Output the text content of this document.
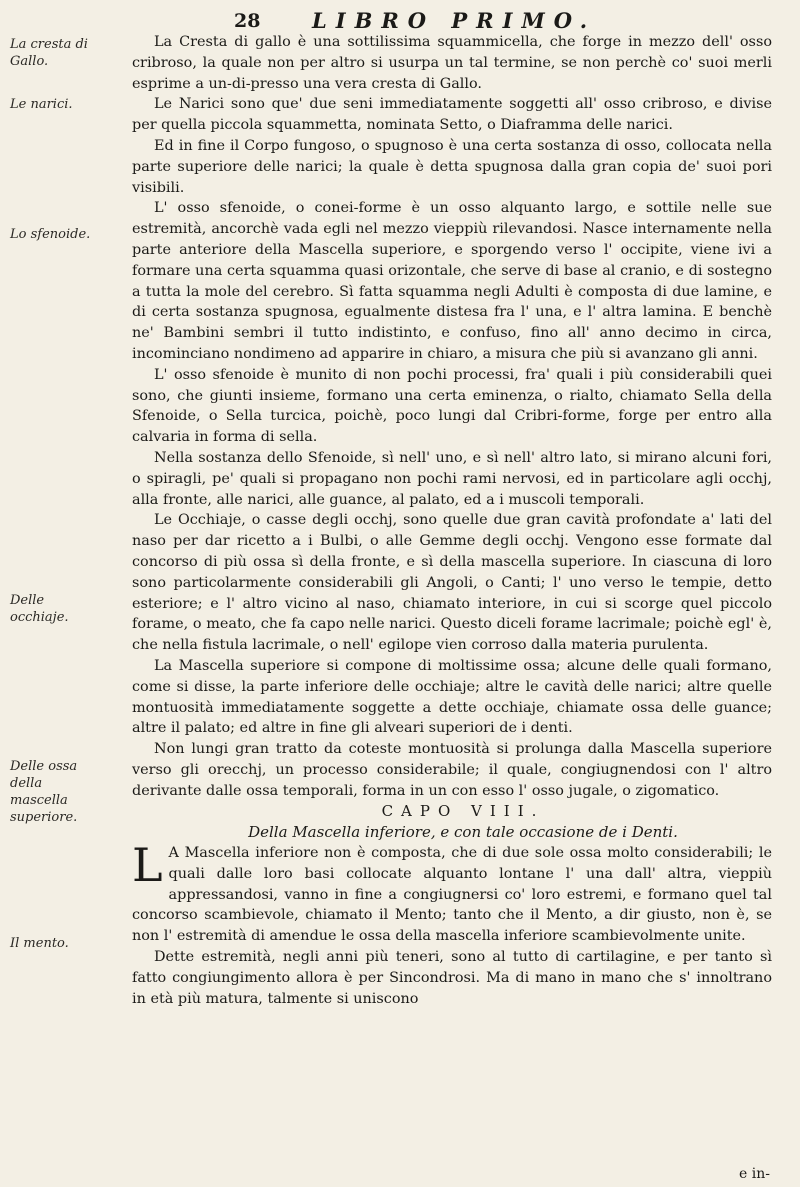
28 LIBRO PRIMO.
La cresta di Gallo.
Le narici.
Lo sfenoide.
Delle occhiaje.
Delle ossa della mascella superiore.
Il mento.

La Cresta di gallo è una sottilissima squammicella, che forge in mezzo dell' osso cribroso, la quale non per altro si usurpa un tal termine, se non perchè co' suoi merli esprime a un-di-presso una vera cresta di Gallo.

Le Narici sono que' due seni immediatamente soggetti all' osso cribroso, e divise per quella piccola squammetta, nominata Setto, o Diaframma delle narici.

Ed in fine il Corpo fungoso, o spugnoso è una certa sostanza di osso, collocata nella parte superiore delle narici; la quale è detta spugnosa dalla gran copia de' suoi pori visibili.

L' osso sfenoide, o conei-forme è un osso alquanto largo, e sottile nelle sue estremità, ancorchè vada egli nel mezzo vieppiù rilevandosi. Nasce internamente nella parte anteriore della Mascella superiore, e sporgendo verso l' occipite, viene ivi a formare una certa squamma quasi orizontale, che serve di base al cranio, e di sostegno a tutta la mole del cerebro. Sì fatta squamma negli Adulti è composta di due lamine, e di certa sostanza spugnosa, egualmente distesa fra l' una, e l' altra lamina. E benchè ne' Bambini sembri il tutto indistinto, e confuso, fino all' anno decimo in circa, incominciano nondimeno ad apparire in chiaro, a misura che più si avanzano gli anni.

L' osso sfenoide è munito di non pochi processi, fra' quali i più considerabili quei sono, che giunti insieme, formano una certa eminenza, o rialto, chiamato Sella della Sfenoide, o Sella turcica, poichè, poco lungi dal Cribri-forme, forge per entro alla calvaria in forma di sella.

Nella sostanza dello Sfenoide, sì nell' uno, e sì nell' altro lato, si mirano alcuni fori, o spiragli, pe' quali si propagano non pochi rami nervosi, ed in particolare agli occhj, alla fronte, alle narici, alle guance, al palato, ed a i muscoli temporali.

Le Occhiaje, o casse degli occhj, sono quelle due gran cavità profondate a' lati del naso per dar ricetto a i Bulbi, o alle Gemme degli occhj. Vengono esse formate dal concorso di più ossa sì della fronte, e sì della mascella superiore. In ciascuna di loro sono particolarmente considerabili gli Angoli, o Canti; l' uno verso le tempie, detto esteriore; e l' altro vicino al naso, chiamato interiore, in cui si scorge quel piccolo forame, o meato, che fa capo nelle narici. Questo diceli forame lacrimale; poichè egl' è, che nella fistula lacrimale, o nell' egilope vien corroso dalla materia purulenta.

La Mascella superiore si compone di moltissime ossa; alcune delle quali formano, come si disse, la parte inferiore delle occhiaje; altre le cavità delle narici; altre quelle montuosità immediatamente soggette a dette occhiaje, chiamate ossa delle guance; altre il palato; ed altre in fine gli alveari superiori de i denti.

Non lungi gran tratto da coteste montuosità si prolunga dalla Mascella superiore verso gli orecchj, un processo considerabile; il quale, congiugnendosi con l' altro derivante dalle ossa temporali, forma in un con esso l' osso jugale, o zigomatico.

CAPO VIII.

Della Mascella inferiore, e con tale occasione de i Denti.

L A Mascella inferiore non è composta, che di due sole ossa molto considerabili; le quali dalle loro basi collocate alquanto lontane l' una dall' altra, vieppiù appressandosi, vanno in fine a congiugnersi co' loro estremi, e formano quel tal concorso scambievole, chiamato il Mento; tanto che il Mento, a dir giusto, non è, se non l' estremità di amendue le ossa della mascella inferiore scambievolmente unite.

Dette estremità, negli anni più teneri, sono al tutto di cartilagine, e per tanto sì fatto congiungimento allora è per Sincondrosi. Ma di mano in mano che s' innoltrano in età più matura, talmente si uniscono

e in-
